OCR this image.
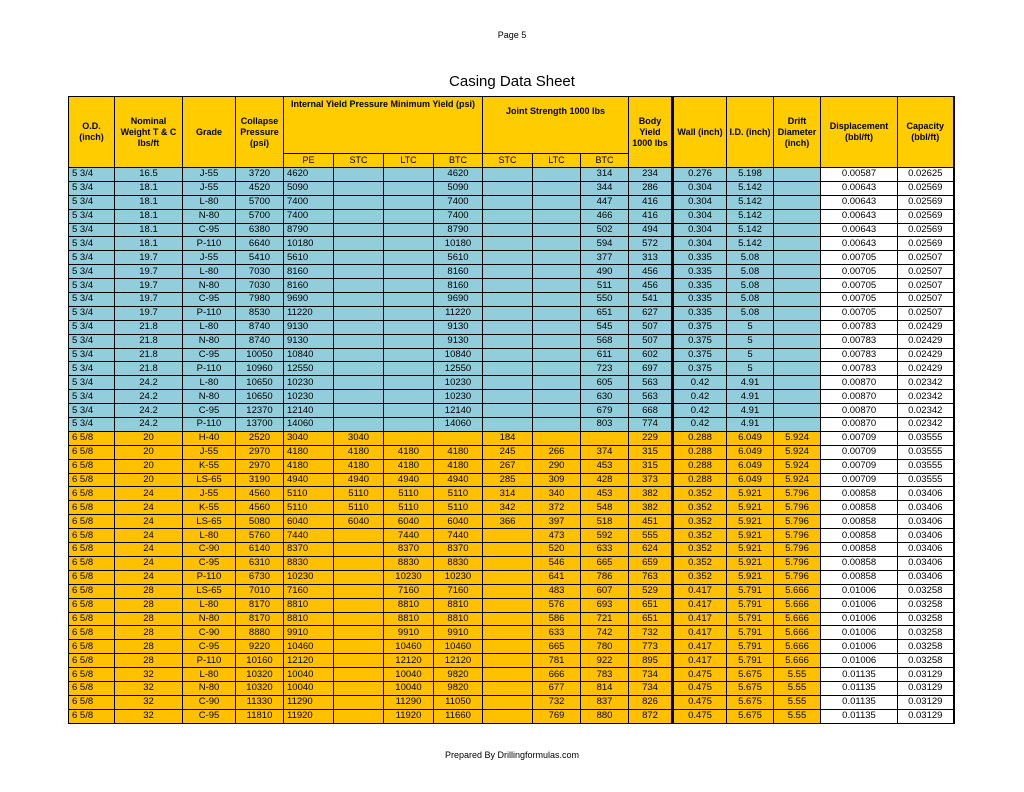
Page 5
Casing Data Sheet
O.D. (inch)	Nominal Weight T & C lbs/ft	Grade	Collapse Pressure (psi)	Internal Yield Pressure Minimum Yield (psi)				Joint Strength 1000 lbs			Body Yield 1000 lbs	Wall (inch)	I.D. (inch)	Drift Diameter (inch)	Displacement (bbl/ft)	Capacity (bbl/ft)
				PE	STC	LTC	BTC	STC	LTC	BTC						
5 3/4	16.5	J-55	3720	4620			4620			314	234	0.276	5.198		0.00587	0.02625
5 3/4	18.1	J-55	4520	5090			5090			344	286	0.304	5.142		0.00643	0.02569
5 3/4	18.1	L-80	5700	7400			7400			447	416	0.304	5.142		0.00643	0.02569
5 3/4	18.1	N-80	5700	7400			7400			466	416	0.304	5.142		0.00643	0.02569
5 3/4	18.1	C-95	6380	8790			8790			502	494	0.304	5.142		0.00643	0.02569
5 3/4	18.1	P-110	6640	10180			10180			594	572	0.304	5.142		0.00643	0.02569
5 3/4	19.7	J-55	5410	5610			5610			377	313	0.335	5.08		0.00705	0.02507
5 3/4	19.7	L-80	7030	8160			8160			490	456	0.335	5.08		0.00705	0.02507
5 3/4	19.7	N-80	7030	8160			8160			511	456	0.335	5.08		0.00705	0.02507
5 3/4	19.7	C-95	7980	9690			9690			550	541	0.335	5.08		0.00705	0.02507
5 3/4	19.7	P-110	8530	11220			11220			651	627	0.335	5.08		0.00705	0.02507
5 3/4	21.8	L-80	8740	9130			9130			545	507	0.375	5		0.00783	0.02429
5 3/4	21.8	N-80	8740	9130			9130			568	507	0.375	5		0.00783	0.02429
5 3/4	21.8	C-95	10050	10840			10840			611	602	0.375	5		0.00783	0.02429
5 3/4	21.8	P-110	10960	12550			12550			723	697	0.375	5		0.00783	0.02429
5 3/4	24.2	L-80	10650	10230			10230			605	563	0.42	4.91		0.00870	0.02342
5 3/4	24.2	N-80	10650	10230			10230			630	563	0.42	4.91		0.00870	0.02342
5 3/4	24.2	C-95	12370	12140			12140			679	668	0.42	4.91		0.00870	0.02342
5 3/4	24.2	P-110	13700	14060			14060			803	774	0.42	4.91		0.00870	0.02342
6 5/8	20	H-40	2520	3040	3040			184			229	0.288	6.049	5.924	0.00709	0.03555
6 5/8	20	J-55	2970	4180	4180	4180	4180	245	266	374	315	0.288	6.049	5.924	0.00709	0.03555
6 5/8	20	K-55	2970	4180	4180	4180	4180	267	290	453	315	0.288	6.049	5.924	0.00709	0.03555
6 5/8	20	LS-65	3190	4940	4940	4940	4940	285	309	428	373	0.288	6.049	5.924	0.00709	0.03555
6 5/8	24	J-55	4560	5110	5110	5110	5110	314	340	453	382	0.352	5.921	5.796	0.00858	0.03406
6 5/8	24	K-55	4560	5110	5110	5110	5110	342	372	548	382	0.352	5.921	5.796	0.00858	0.03406
6 5/8	24	LS-65	5080	6040	6040	6040	6040	366	397	518	451	0.352	5.921	5.796	0.00858	0.03406
6 5/8	24	L-80	5760	7440		7440	7440		473	592	555	0.352	5.921	5.796	0.00858	0.03406
6 5/8	24	C-90	6140	8370		8370	8370		520	633	624	0.352	5.921	5.796	0.00858	0.03406
6 5/8	24	C-95	6310	8830		8830	8830		546	665	659	0.352	5.921	5.796	0.00858	0.03406
6 5/8	24	P-110	6730	10230		10230	10230		641	786	763	0.352	5.921	5.796	0.00858	0.03406
6 5/8	28	LS-65	7010	7160		7160	7160		483	607	529	0.417	5.791	5.666	0.01006	0.03258
6 5/8	28	L-80	8170	8810		8810	8810		576	693	651	0.417	5.791	5.666	0.01006	0.03258
6 5/8	28	N-80	8170	8810		8810	8810		586	721	651	0.417	5.791	5.666	0.01006	0.03258
6 5/8	28	C-90	8880	9910		9910	9910		633	742	732	0.417	5.791	5.666	0.01006	0.03258
6 5/8	28	C-95	9220	10460		10460	10460		665	780	773	0.417	5.791	5.666	0.01006	0.03258
6 5/8	28	P-110	10160	12120		12120	12120		781	922	895	0.417	5.791	5.666	0.01006	0.03258
6 5/8	32	L-80	10320	10040		10040	9820		666	783	734	0.475	5.675	5.55	0.01135	0.03129
6 5/8	32	N-80	10320	10040		10040	9820		677	814	734	0.475	5.675	5.55	0.01135	0.03129
6 5/8	32	C-90	11330	11290		11290	11050		732	837	826	0.475	5.675	5.55	0.01135	0.03129
6 5/8	32	C-95	11810	11920		11920	11660		769	880	872	0.475	5.675	5.55	0.01135	0.03129
Prepared By Drillingformulas.com
